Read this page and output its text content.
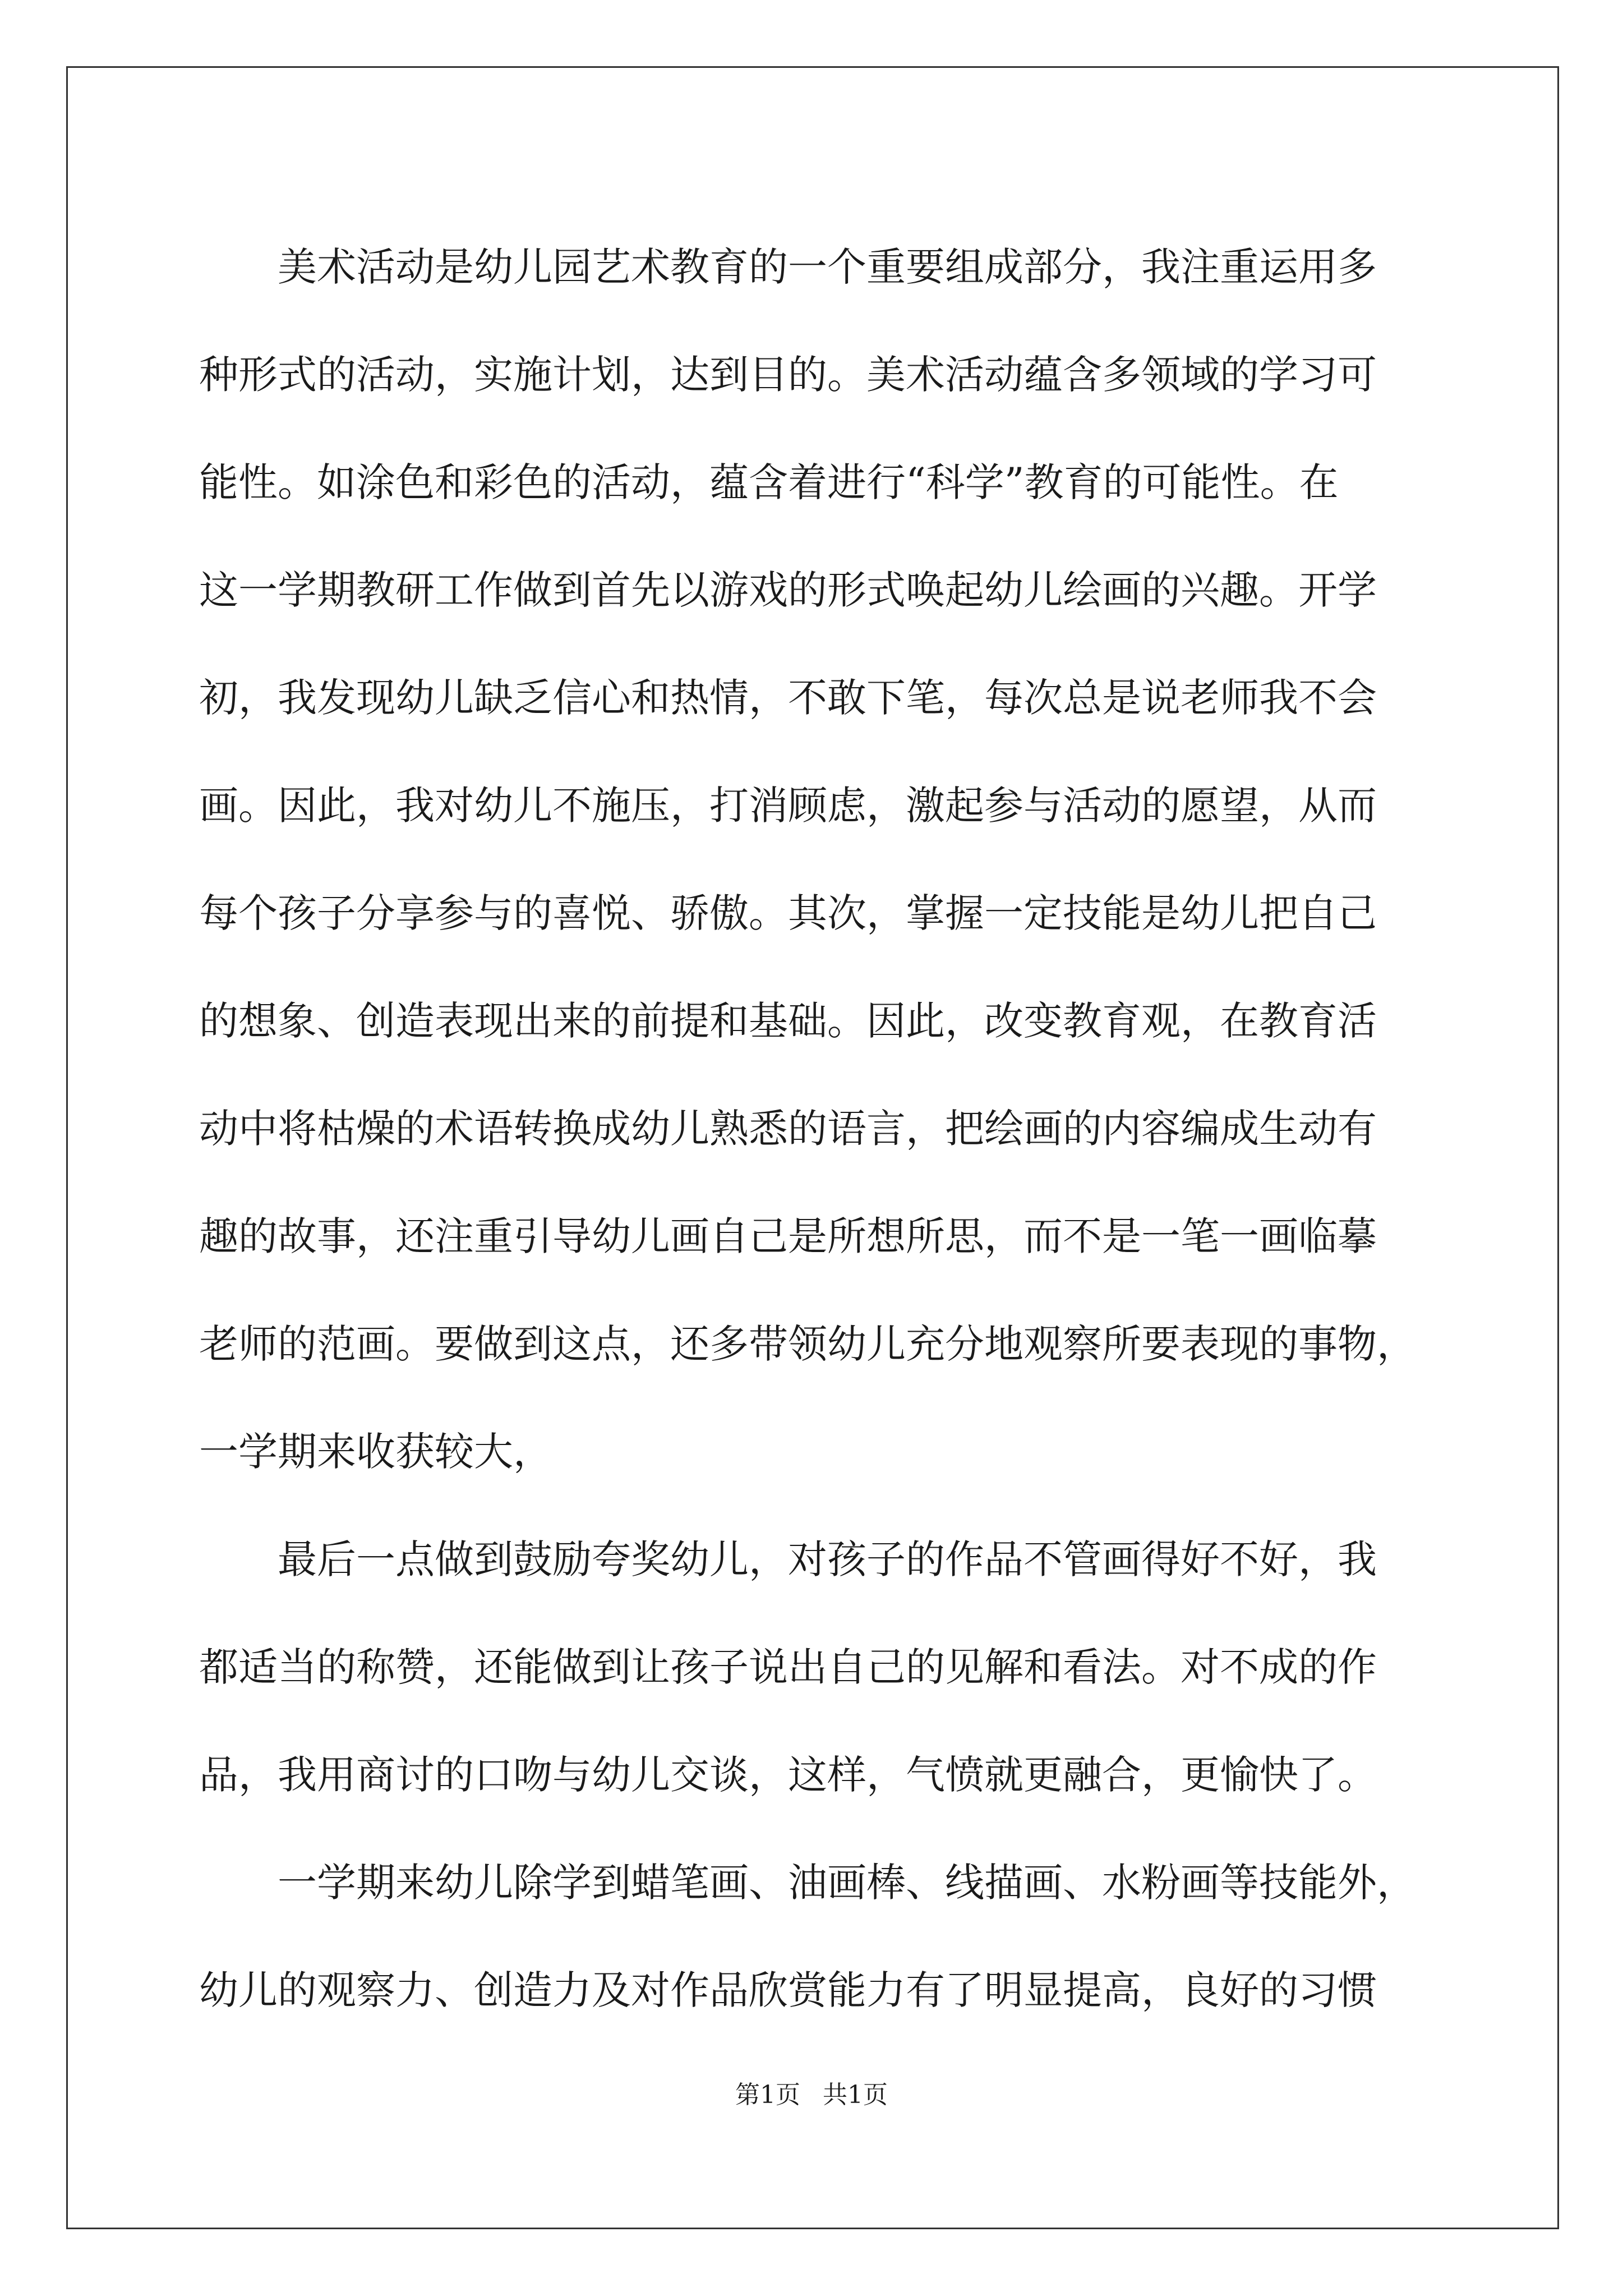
　　美术活动是幼儿园艺术教育的一个重要组成部分，我注重运用多
种形式的活动，实施计划，达到目的。美术活动蕴含多领域的学习可
能性。如涂色和彩色的活动，蕴含着进行“科学”教育的可能性。在
这一学期教研工作做到首先以游戏的形式唤起幼儿绘画的兴趣。开学
初，我发现幼儿缺乏信心和热情，不敢下笔，每次总是说老师我不会
画。因此，我对幼儿不施压，打消顾虑，激起参与活动的愿望，从而
每个孩子分享参与的喜悦、骄傲。其次，掌握一定技能是幼儿把自己
的想象、创造表现出来的前提和基础。因此，改变教育观，在教育活
动中将枯燥的术语转换成幼儿熟悉的语言，把绘画的内容编成生动有
趣的故事，还注重引导幼儿画自己是所想所思，而不是一笔一画临摹
老师的范画。要做到这点，还多带领幼儿充分地观察所要表现的事物，
一学期来收获较大，
　　最后一点做到鼓励夸奖幼儿，对孩子的作品不管画得好不好，我
都适当的称赞，还能做到让孩子说出自己的见解和看法。对不成的作
品，我用商讨的口吻与幼儿交谈，这样，气愤就更融合，更愉快了。
　　一学期来幼儿除学到蜡笔画、油画棒、线描画、水粉画等技能外，
幼儿的观察力、创造力及对作品欣赏能力有了明显提高，良好的习惯
第1页 共1页
